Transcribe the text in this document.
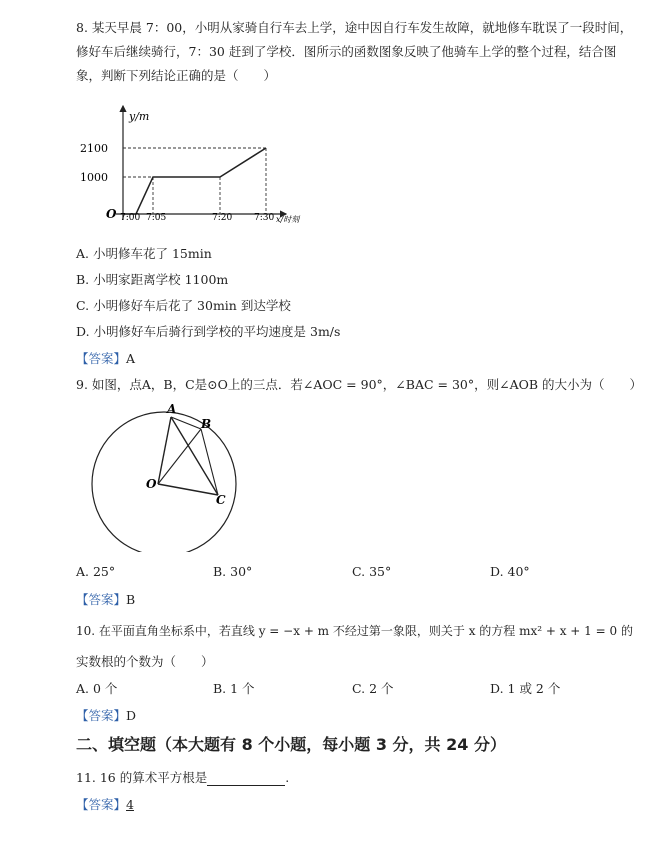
8. 某天早晨 7：00，小明从家骑自行车去上学，途中因自行车发生故障，就地修车耽误了一段时间，修好车后继续骑行，7：30 赶到了学校．图所示的函数图象反映了他骑车上学的整个过程，结合图象，判断下列结论正确的是（　　）
y/m
2100
1000
O 7:00 7:05	7:20 7:30 x/时刻
A. 小明修车花了 15min
B. 小明家距离学校 1100m
C. 小明修好车后花了 30min 到达学校
D. 小明修好车后骑行到学校的平均速度是 3m/s
【答案】A
9. 如图，点A，B，C是⊙O上的三点．若∠AOC = 90°，∠BAC = 30°，则∠AOB 的大小为（　　）
A
B
C
O
A. 25°	B. 30°	C. 35°	D. 40°
【答案】B
10. 在平面直角坐标系中，若直线 y = −x + m 不经过第一象限，则关于 x 的方程 mx² + x + 1 = 0 的
实数根的个数为（　　）
A. 0 个	B. 1 个	C. 2 个	D. 1 或 2 个
【答案】D
二、填空题（本大题有 8 个小题，每小题 3 分，共 24 分）
11. 16 的算术平方根是	.
【答案】4
